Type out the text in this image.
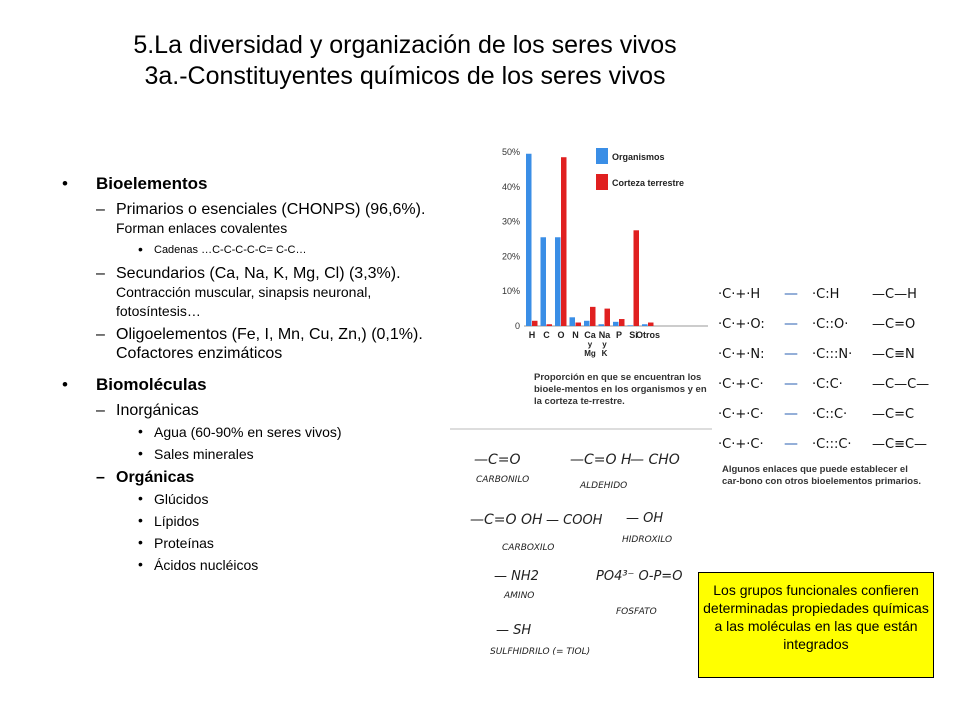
5.La diversidad y organización de los seres vivos
3a.-Constituyentes químicos de los seres vivos
• Bioelementos
– Primarios o esenciales (CHONPS) (96,6%). Forman enlaces covalentes
• Cadenas …C-C-C-C-C= C-C…
– Secundarios (Ca, Na, K, Mg, Cl) (3,3%). Contracción muscular, sinapsis neuronal, fotosíntesis…
– Oligoelementos (Fe, I, Mn, Cu, Zn,) (0,1%). Cofactores enzimáticos
• Biomoléculas
– Inorgánicas
• Agua (60-90% en seres vivos)
• Sales minerales
– Orgánicas
• Glúcidos
• Lípidos
• Proteínas
• Ácidos nucléicos
0
10%
20%
30%
40%
50%
H C O N Ca
y
Mg
Na
y
K
P Si
Otros
Organismos
Corteza terrestre
Proporción en que se encuentran los bioele-mentos en los organismos y en la corteza te-rrestre.
·C·+·H — ·C:H	—C—H
·C·+·O: — ·C::O· —C=O
·C·+·N: — ·C:::N· —C≡N
·C·+·C· — ·C:C· —C—C—
·C·+·C· — ·C::C· —C=C
·C·+·C· — ·C:::C· —C≡C—
Algunos enlaces que puede establecer el car-bono con otros bioelementos primarios.
—C=O
CARBONILO
—C=O H
— CHO
ALDEHIDO
—C=O OH — COOH
CARBOXILO
— OH
HIDROXILO
— NH2
AMINO
PO4³⁻ O-P=O
FOSFATO
— SH
SULFHIDRILO (= TIOL)
Los grupos funcionales confieren determinadas propiedades químicas a las moléculas en las que están integrados
